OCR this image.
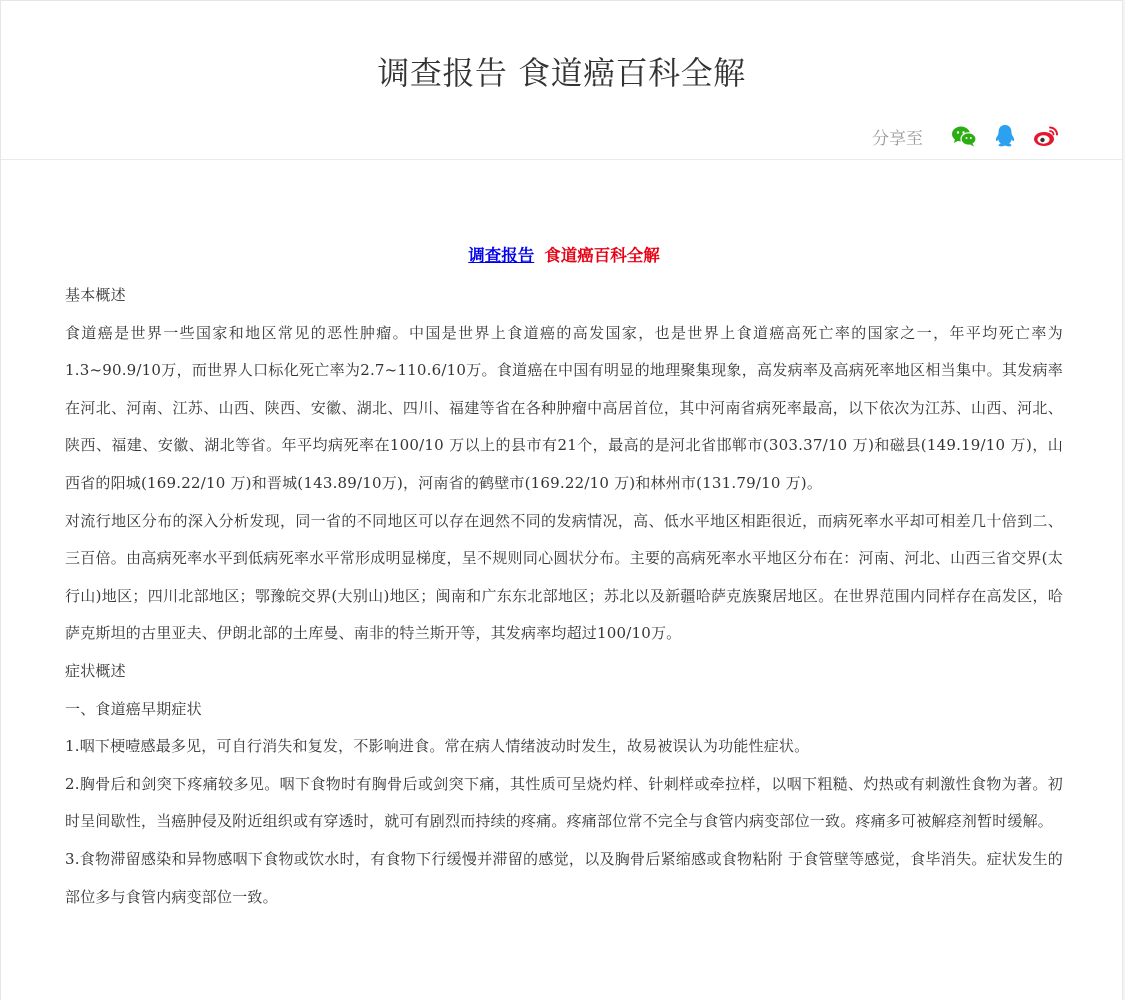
调查报告 食道癌百科全解
分享至
调查报告 食道癌百科全解

基本概述

食道癌是世界一些国家和地区常见的恶性肿瘤。中国是世界上食道癌的高发国家，也是世界上食道癌高死亡率的国家之一，年平均死亡率为1.3~90.9/10万，而世界人口标化死亡率为2.7~110.6/10万。食道癌在中国有明显的地理聚集现象，高发病率及高病死率地区相当集中。其发病率在河北、河南、江苏、山西、陕西、安徽、湖北、四川、福建等省在各种肿瘤中高居首位，其中河南省病死率最高，以下依次为江苏、山西、河北、陕西、福建、安徽、湖北等省。年平均病死率在100/10 万以上的县市有21个，最高的是河北省邯郸市(303.37/10 万)和磁县(149.19/10 万)，山西省的阳城(169.22/10 万)和晋城(143.89/10万)，河南省的鹤壁市(169.22/10 万)和林州市(131.79/10 万)。

对流行地区分布的深入分析发现，同一省的不同地区可以存在迥然不同的发病情况，高、低水平地区相距很近，而病死率水平却可相差几十倍到二、三百倍。由高病死率水平到低病死率水平常形成明显梯度，呈不规则同心圆状分布。主要的高病死率水平地区分布在：河南、河北、山西三省交界(太行山)地区；四川北部地区；鄂豫皖交界(大别山)地区；闽南和广东东北部地区；苏北以及新疆哈萨克族聚居地区。在世界范围内同样存在高发区，哈萨克斯坦的古里亚夫、伊朗北部的土库曼、南非的特兰斯开等，其发病率均超过100/10万。

症状概述

一、食道癌早期症状

1.咽下梗噎感最多见，可自行消失和复发，不影响进食。常在病人情绪波动时发生，故易被误认为功能性症状。

2.胸骨后和剑突下疼痛较多见。咽下食物时有胸骨后或剑突下痛，其性质可呈烧灼样、针刺样或牵拉样，以咽下粗糙、灼热或有刺激性食物为著。初时呈间歇性，当癌肿侵及附近组织或有穿透时，就可有剧烈而持续的疼痛。疼痛部位常不完全与食管内病变部位一致。疼痛多可被解痉剂暂时缓解。

3.食物滞留感染和异物感咽下食物或饮水时，有食物下行缓慢并滞留的感觉，以及胸骨后紧缩感或食物粘附 于食管壁等感觉，食毕消失。症状发生的部位多与食管内病变部位一致。
